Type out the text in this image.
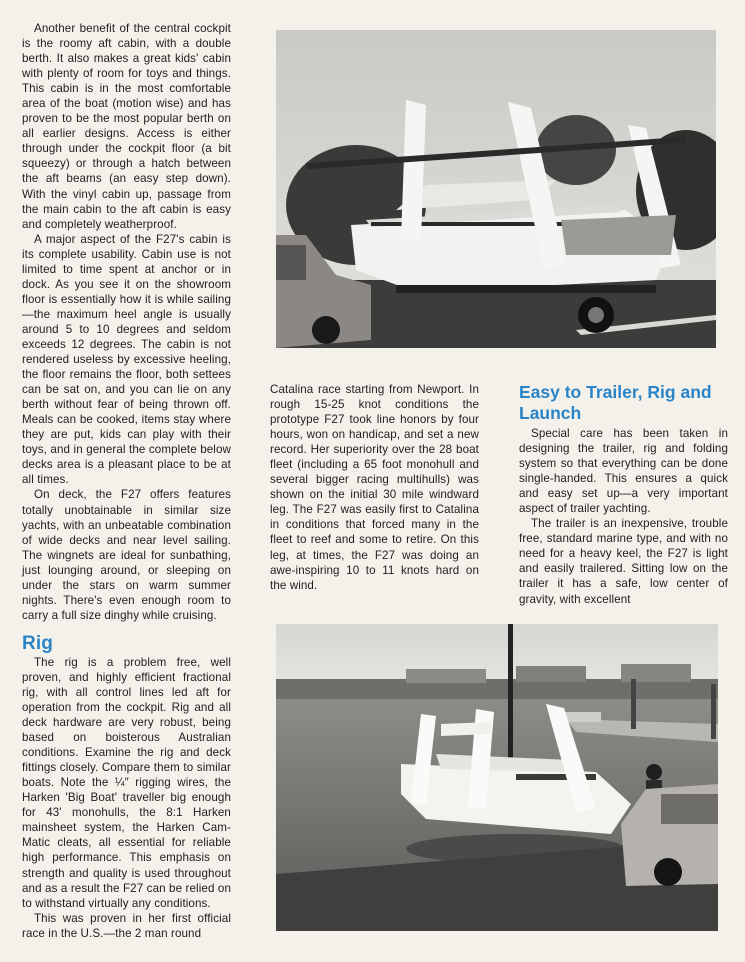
Another benefit of the central cockpit is the roomy aft cabin, with a double berth. It also makes a great kids' cabin with plenty of room for toys and things. This cabin is in the most comfortable area of the boat (motion wise) and has proven to be the most popular berth on all earlier designs. Access is either through under the cockpit floor (a bit squeezy) or through a hatch between the aft beams (an easy step down). With the vinyl cabin up, passage from the main cabin to the aft cabin is easy and completely weatherproof.

A major aspect of the F27's cabin is its complete usability. Cabin use is not limited to time spent at anchor or in dock. As you see it on the showroom floor is essentially how it is while sailing—the maximum heel angle is usually around 5 to 10 degrees and seldom exceeds 12 degrees. The cabin is not rendered useless by excessive heeling, the floor remains the floor, both settees can be sat on, and you can lie on any berth without fear of being thrown off. Meals can be cooked, items stay where they are put, kids can play with their toys, and in general the complete below decks area is a pleasant place to be at all times.

On deck, the F27 offers features totally unobtainable in similar size yachts, with an unbeatable combination of wide decks and near level sailing. The wingnets are ideal for sunbathing, just lounging around, or sleeping on under the stars on warm summer nights. There's even enough room to carry a full size dinghy while cruising.

Rig

The rig is a problem free, well proven, and highly efficient fractional rig, with all control lines led aft for operation from the cockpit. Rig and all deck hardware are very robust, being based on boisterous Australian conditions. Examine the rig and deck fittings closely. Compare them to similar boats. Note the ¼″ rigging wires, the Harken 'Big Boat' traveller big enough for 43' monohulls, the 8:1 Harken mainsheet system, the Harken Cam-Matic cleats, all essential for reliable high performance. This emphasis on strength and quality is used throughout and as a result the F27 can be relied on to withstand virtually any conditions.

This was proven in her first official race in the U.S.—the 2 man round

Catalina race starting from Newport. In rough 15-25 knot conditions the prototype F27 took line honors by four hours, won on handicap, and set a new record. Her superiority over the 28 boat fleet (including a 65 foot monohull and several bigger racing multihulls) was shown on the initial 30 mile windward leg. The F27 was easily first to Catalina in conditions that forced many in the fleet to reef and some to retire. On this leg, at times, the F27 was doing an awe-inspiring 10 to 11 knots hard on the wind.

Easy to Trailer, Rig and Launch

Special care has been taken in designing the trailer, rig and folding system so that everything can be done single-handed. This ensures a quick and easy set up—a very important aspect of trailer yachting.

The trailer is an inexpensive, trouble free, standard marine type, and with no need for a heavy keel, the F27 is light and easily trailered. Sitting low on the trailer it has a safe, low center of gravity, with excellent
